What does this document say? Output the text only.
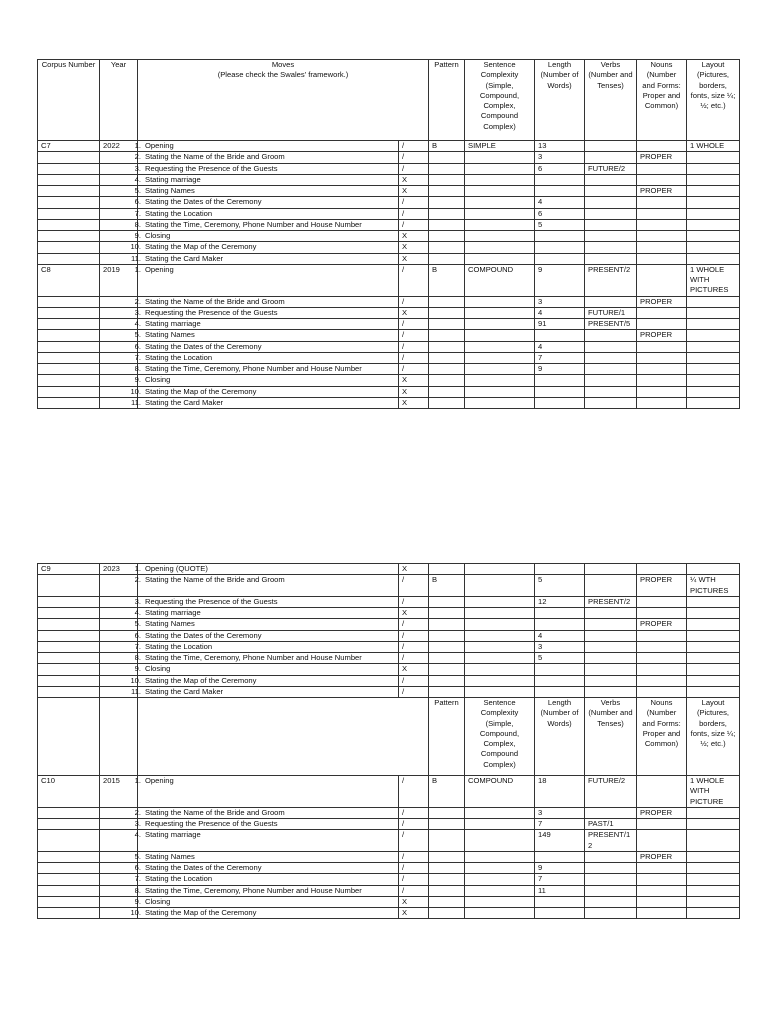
Corpus Number	Year	Moves
(Please check the Swales' framework.)		Pattern	Sentence Complexity (Simple, Compound, Complex, Compound Complex)	Length (Number of Words)	Verbs (Number and Tenses)	Nouns (Number and Forms: Proper and Common)	Layout (Pictures, borders, fonts, size ¼; ½; etc.)
C7	2022	1. Opening	/	B	SIMPLE	13			1 WHOLE
		2. Stating the Name of the Bride and Groom	/			3		PROPER	
		3. Requesting the Presence of the Guests	/			6	FUTURE/2		
		4. Stating marriage	X						
		5. Stating Names	X					PROPER	
		6. Stating the Dates of the Ceremony	/			4			
		7. Stating the Location	/			6			
		8. Stating the Time, Ceremony, Phone Number and House Number	/			5			
		9. Closing	X						
		10. Stating the Map of the Ceremony	X						
		11. Stating the Card Maker	X						
C8	2019	1. Opening	/	B	COMPOUND	9	PRESENT/2		1 WHOLE WITH PICTURES
		2. Stating the Name of the Bride and Groom	/			3		PROPER	
		3. Requesting the Presence of the Guests	X			4	FUTURE/1		
		4. Stating marriage	/			91	PRESENT/5		
		5. Stating Names	/					PROPER	
		6. Stating the Dates of the Ceremony	/			4			
		7. Stating the Location	/			7			
		8. Stating the Time, Ceremony, Phone Number and House Number	/			9			
		9. Closing	X						
		10. Stating the Map of the Ceremony	X						
		11. Stating the Card Maker	X						
C9	2023	1. Opening (QUOTE)	X						
		2. Stating the Name of the Bride and Groom	/	B		5		PROPER	¼ WTH PICTURES
		3. Requesting the Presence of the Guests	/			12	PRESENT/2		
		4. Stating marriage	X						
		5. Stating Names	/					PROPER	
		6. Stating the Dates of the Ceremony	/			4			
		7. Stating the Location	/			3			
		8. Stating the Time, Ceremony, Phone Number and House Number	/			5			
		9. Closing	X						
		10. Stating the Map of the Ceremony	/						
		11. Stating the Card Maker	/						
				Pattern	Sentence Complexity (Simple, Compound, Complex, Compound Complex)	Length (Number of Words)	Verbs (Number and Tenses)	Nouns (Number and Forms: Proper and Common)	Layout (Pictures, borders, fonts, size ¼; ½; etc.)
C10	2015	1. Opening	/	B	COMPOUND	18	FUTURE/2		1 WHOLE WITH PICTURE
		2. Stating the Name of the Bride and Groom	/			3		PROPER	
		3. Requesting the Presence of the Guests	/			7	PAST/1		
		4. Stating marriage	/			149	PRESENT/12		
		5. Stating Names	/					PROPER	
		6. Stating the Dates of the Ceremony	/			9			
		7. Stating the Location	/			7			
		8. Stating the Time, Ceremony, Phone Number and House Number	/			11			
		9. Closing	X						
		10. Stating the Map of the Ceremony	X						
